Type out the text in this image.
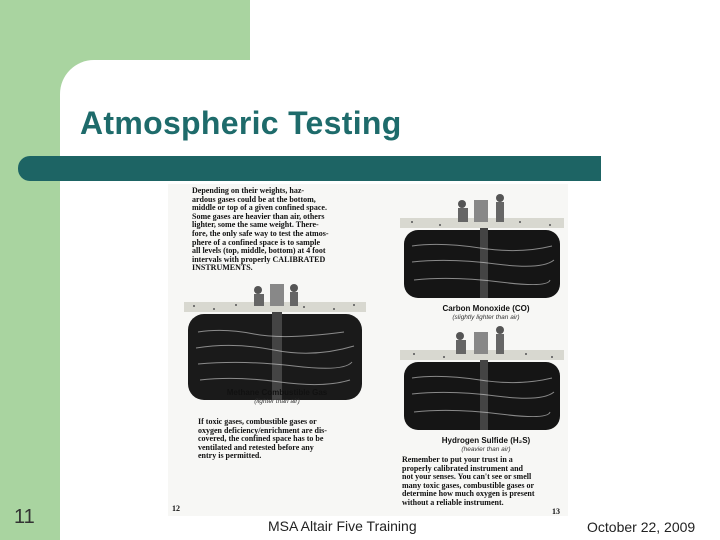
Atmospheric Testing
Depending on their weights, haz-
ardous gases could be at the bottom,
middle or top of a given confined space.
Some gases are heavier than air, others
lighter, some the same weight. There-
fore, the only safe way to test the atmos-
phere of a confined space is to sample
all levels (top, middle, bottom) at 4 foot
intervals with properly CALIBRATED
INSTRUMENTS.
Methane Combustible Gas
(lighter than air)
If toxic gases, combustible gases or
oxygen deficiency/enrichment are dis-
covered, the confined space has to be
ventilated and retested before any
entry is permitted.
Carbon Monoxide (CO)
(slightly lighter than air)
Hydrogen Sulfide (H₂S)
(heavier than air)
Remember to put your trust in a
properly calibrated instrument and
not your senses. You can't see or smell
many toxic gases, combustible gases or
determine how much oxygen is present
without a reliable instrument.
12	13
11	MSA Altair Five Training	October 22, 2009
